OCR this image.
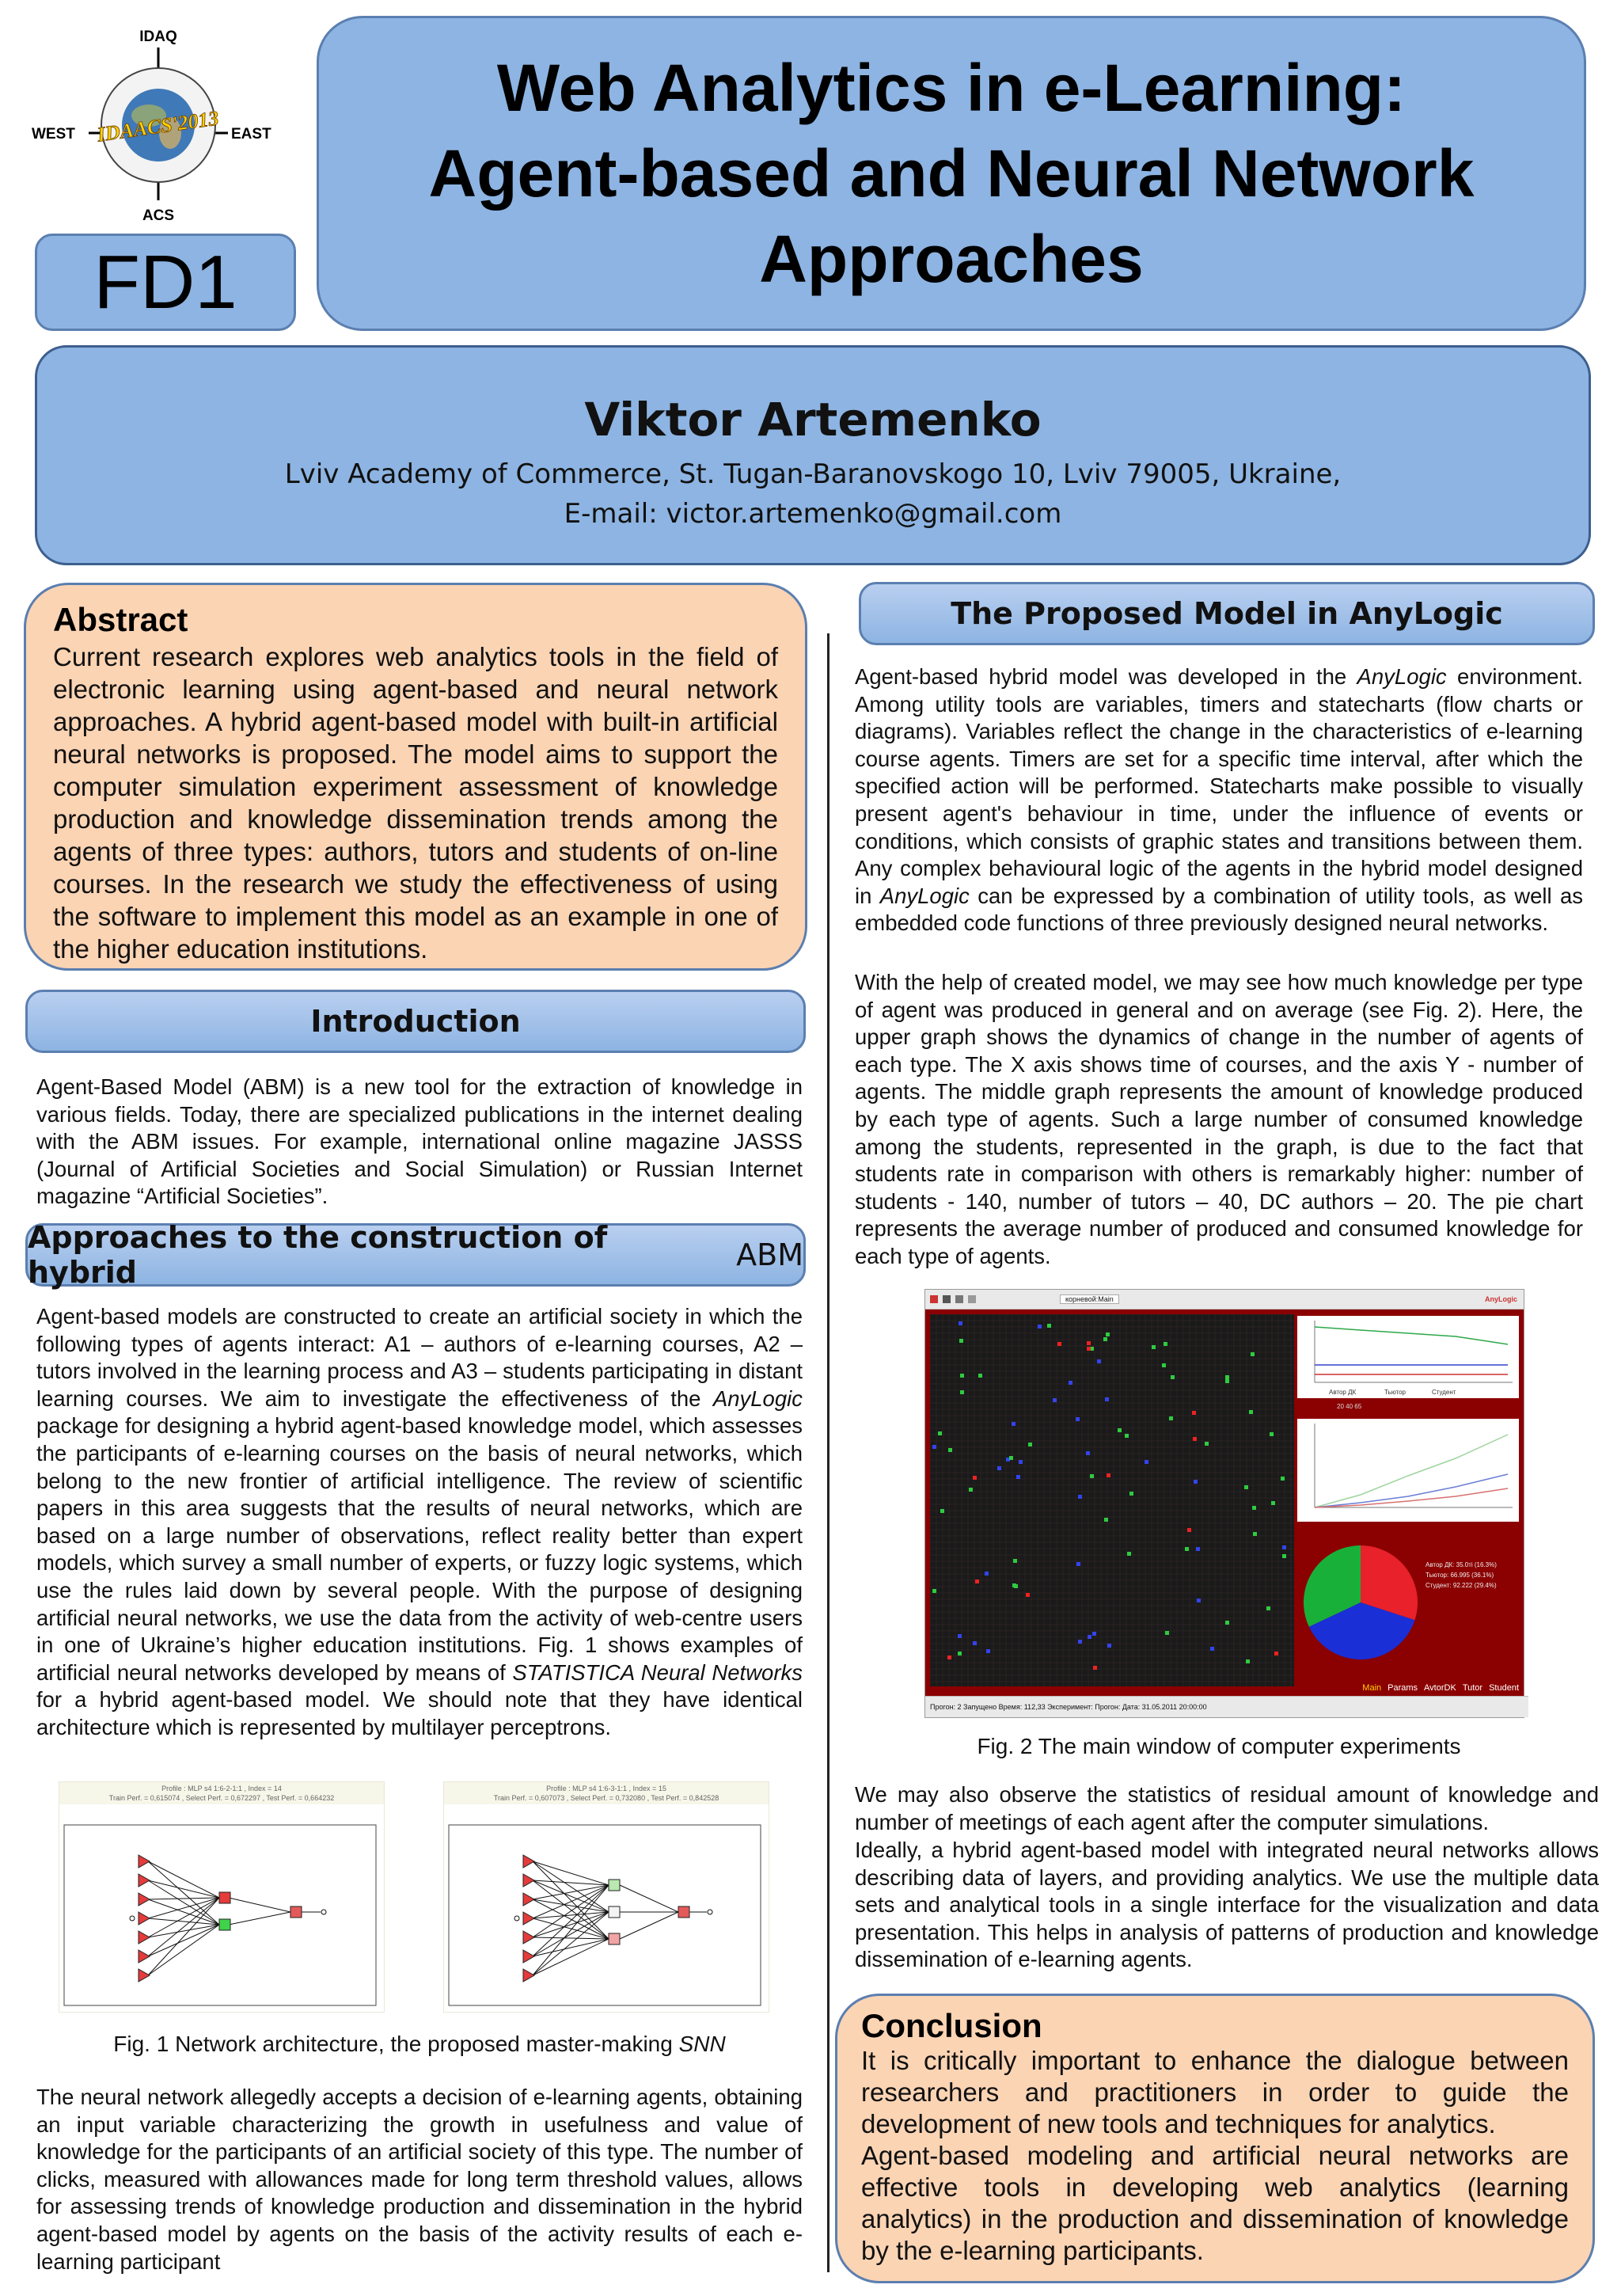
IDAQ
ACS
WEST	EAST
IDAACS'2013
Web Analytics in e-Learning:
Agent-based and Neural Network
Approaches
FD1
Viktor Artemenko
Lviv Academy of Commerce, St. Tugan-Baranovskogo 10, Lviv 79005, Ukraine,
E-mail: victor.artemenko@gmail.com
Abstract
Current research explores web analytics tools in the field of electronic learning using agent-based and neural network approaches. A hybrid agent-based model with built-in artificial neural networks is proposed. The model aims to support the computer simulation experiment assessment of knowledge production and knowledge dissemination trends among the agents of three types: authors, tutors and students of on-line courses. In the research we study the effectiveness of using the software to implement this model as an example in one of the higher education institutions.
Introduction
Agent-Based Model (ABM) is a new tool for the extraction of knowledge in various fields. Today, there are specialized publications in the internet dealing with the ABM issues. For example, international online magazine JASSS (Journal of Artificial Societies and Social Simulation) or Russian Internet magazine “Artificial Societies”.
Approaches to the construction of hybrid
	ABM
Agent-based models are constructed to create an artificial society in which the following types of agents interact: A1 – authors of e-learning courses, A2 – tutors involved in the learning process and A3 – students participating in distant learning courses. We aim to investigate the effectiveness of the AnyLogic package for designing a hybrid agent-based knowledge model, which assesses the participants of e-learning courses on the basis of neural networks, which belong to the new frontier of artificial intelligence. The review of scientific papers in this area suggests that the results of neural networks, which are based on a large number of observations, reflect reality better than expert models, which survey a small number of experts, or fuzzy logic systems, which use the rules laid down by several people. With the purpose of designing artificial neural networks, we use the data from the activity of web-centre users in one of Ukraine’s higher education institutions. Fig. 1 shows examples of artificial neural networks developed by means of STATISTICA Neural Networks for a hybrid agent-based model. We should note that they have identical architecture which is represented by multilayer perceptrons.
Profile : MLP s4 1:6-2-1:1 , Index = 14
Train Perf. = 0,615074 , Select Perf. = 0,672297 , Test Perf. = 0,664232
Profile : MLP s4 1:6-3-1:1 , Index = 15
Train Perf. = 0,607073 , Select Perf. = 0,732080 , Test Perf. = 0,842528
Fig. 1 Network architecture, the proposed master-making SNN
The neural network allegedly accepts a decision of e-learning agents, obtaining an input variable characterizing the growth in usefulness and value of knowledge for the participants of an artificial society of this type. The number of clicks, measured with allowances made for long term threshold values, allows for assessing trends of knowledge production and dissemination in the hybrid agent-based model by agents on the basis of the activity results of each e-learning participant
The Proposed Model in AnyLogic
Agent-based hybrid model was developed in the AnyLogic environment. Among utility tools are variables, timers and statecharts (flow charts or diagrams). Variables reflect the change in the characteristics of e-learning course agents. Timers are set for a specific time interval, after which the specified action will be performed. Statecharts make possible to visually present agent's behaviour in time, under the influence of events or conditions, which consists of graphic states and transitions between them. Any complex behavioural logic of the agents in the hybrid model designed in AnyLogic can be expressed by a combination of utility tools, as well as embedded code functions of three previously designed neural networks.
With the help of created model, we may see how much knowledge per type of agent was produced in general and on average (see Fig. 2). Here, the upper graph shows the dynamics of change in the number of agents of each type. The X axis shows time of courses, and the axis Y - number of agents. The middle graph represents the amount of knowledge produced by each type of agents. Such a large number of consumed knowledge among the students, represented in the graph, is due to the fact that students rate in comparison with others is remarkably higher: number of students - 140, number of tutors – 40, DC authors – 20. The pie chart represents the average number of produced and consumed knowledge for each type of agents.
корневой:Main	AnyLogic
Автор ДК	Тьютор	Студент
20 40 65
Автор ДК: 35.0тi (16.3%)
Тьютор: 66.995 (36.1%)
Студент: 92.222 (29.4%)
Main Params AvtorDK Tutor Student
Прогон: 2 Запущено Время: 112,33 Эксперимент: Прогон: Дата: 31.05.2011 20:00:00
Fig. 2 The main window of computer experiments
We may also observe the statistics of residual amount of knowledge and number of meetings of each agent after the computer simulations.
Ideally, a hybrid agent-based model with integrated neural networks allows describing data of layers, and providing analytics. We use the multiple data sets and analytical tools in a single interface for the visualization and data presentation. This helps in analysis of patterns of production and knowledge dissemination of e-learning agents.
Conclusion
It is critically important to enhance the dialogue between researchers and practitioners in order to guide the development of new tools and techniques for analytics.
Agent-based modeling and artificial neural networks are effective tools in developing web analytics (learning analytics) in the production and dissemination of knowledge by the e-learning participants.
